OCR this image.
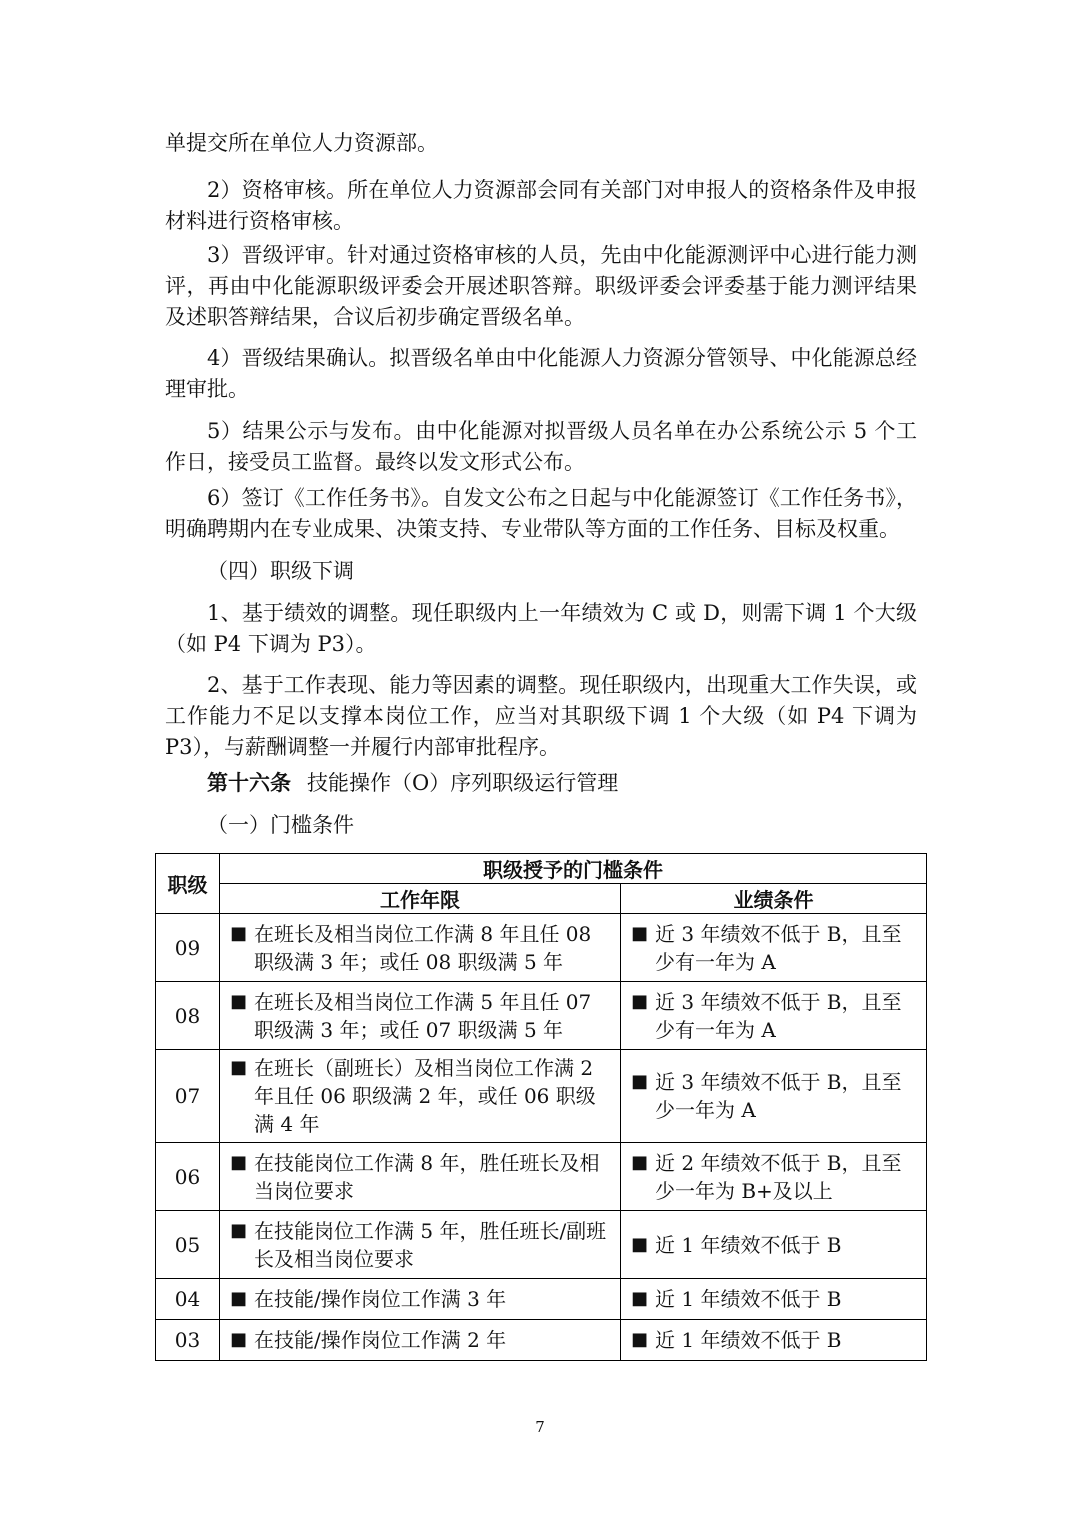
单提交所在单位人力资源部。

2）资格审核。所在单位人力资源部会同有关部门对申报人的资格条件及申报材料进行资格审核。

3）晋级评审。针对通过资格审核的人员，先由中化能源测评中心进行能力测评，再由中化能源职级评委会开展述职答辩。职级评委会评委基于能力测评结果及述职答辩结果，合议后初步确定晋级名单。

4）晋级结果确认。拟晋级名单由中化能源人力资源分管领导、中化能源总经理审批。

5）结果公示与发布。由中化能源对拟晋级人员名单在办公系统公示 5 个工作日，接受员工监督。最终以发文形式公布。

6）签订《工作任务书》。自发文公布之日起与中化能源签订《工作任务书》，明确聘期内在专业成果、决策支持、专业带队等方面的工作任务、目标及权重。

（四）职级下调

1、基于绩效的调整。现任职级内上一年绩效为 C 或 D，则需下调 1 个大级（如 P4 下调为 P3）。

2、基于工作表现、能力等因素的调整。现任职级内，出现重大工作失误，或工作能力不足以支撑本岗位工作，应当对其职级下调 1 个大级（如 P4 下调为 P3），与薪酬调整一并履行内部审批程序。

第十六条 技能操作（O）序列职级运行管理

（一）门槛条件

职级	职级授予的门槛条件	
	工作年限	业绩条件
09	■ 在班长及相当岗位工作满 8 年且任 08 职级满 3 年；或任 08 职级满 5 年	■ 近 3 年绩效不低于 B，且至少有一年为 A

08	■ 在班长及相当岗位工作满 5 年且任 07 职级满 3 年；或任 07 职级满 5 年	■ 近 3 年绩效不低于 B，且至少有一年为 A

07	■ 在班长（副班长）及相当岗位工作满 2 年且任 06 职级满 2 年，或任 06 职级满 4 年	■ 近 3 年绩效不低于 B，且至少一年为 A

06	■ 在技能岗位工作满 8 年，胜任班长及相当岗位要求	■ 近 2 年绩效不低于 B，且至少一年为 B+及以上

05	■ 在技能岗位工作满 5 年，胜任班长/副班长及相当岗位要求	■ 近 1 年绩效不低于 B

04	■ 在技能/操作岗位工作满 3 年	■ 近 1 年绩效不低于 B

03	■ 在技能/操作岗位工作满 2 年	■ 近 1 年绩效不低于 B
7
